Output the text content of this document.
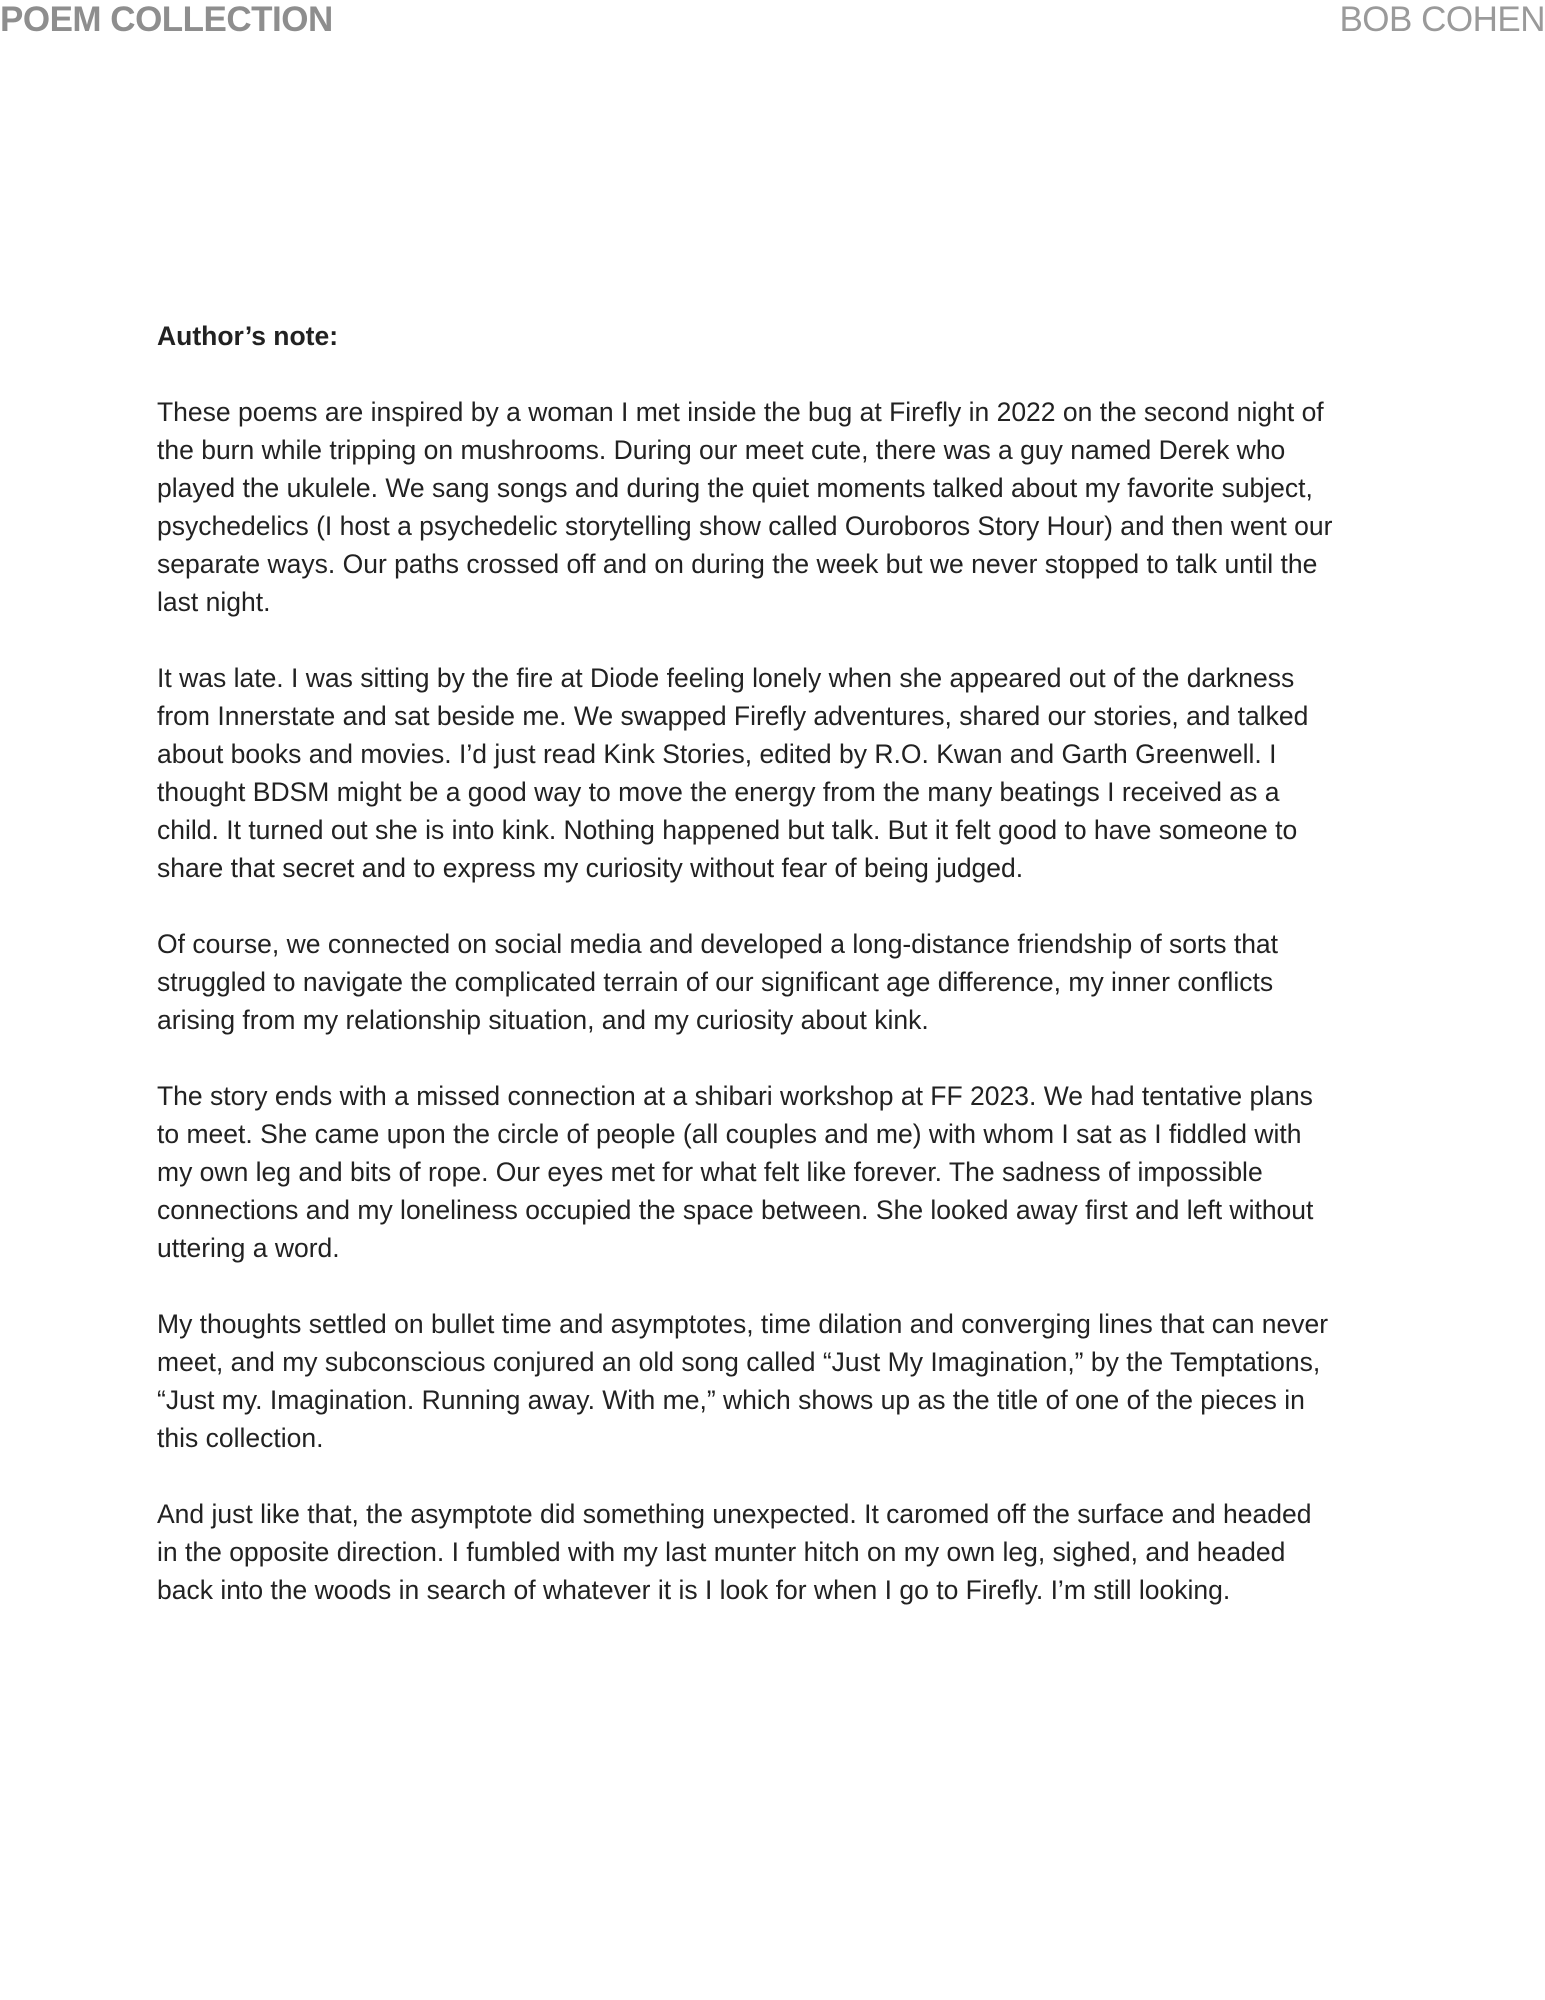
POEM COLLECTION	BOB COHEN
Author’s note:

These poems are inspired by a woman I met inside the bug at Firefly in 2022 on the second night of the burn while tripping on mushrooms. During our meet cute, there was a guy named Derek who played the ukulele. We sang songs and during the quiet moments talked about my favorite subject, psychedelics (I host a psychedelic storytelling show called Ouroboros Story Hour) and then went our separate ways. Our paths crossed off and on during the week but we never stopped to talk until the last night.

It was late. I was sitting by the fire at Diode feeling lonely when she appeared out of the darkness from Innerstate and sat beside me. We swapped Firefly adventures, shared our stories, and talked about books and movies. I’d just read Kink Stories, edited by R.O. Kwan and Garth Greenwell. I thought BDSM might be a good way to move the energy from the many beatings I received as a child. It turned out she is into kink. Nothing happened but talk. But it felt good to have someone to share that secret and to express my curiosity without fear of being judged.

Of course, we connected on social media and developed a long-distance friendship of sorts that struggled to navigate the complicated terrain of our significant age difference, my inner conflicts arising from my relationship situation, and my curiosity about kink.

The story ends with a missed connection at a shibari workshop at FF 2023. We had tentative plans to meet. She came upon the circle of people (all couples and me) with whom I sat as I fiddled with my own leg and bits of rope. Our eyes met for what felt like forever. The sadness of impossible connections and my loneliness occupied the space between. She looked away first and left without uttering a word.

My thoughts settled on bullet time and asymptotes, time dilation and converging lines that can never meet, and my subconscious conjured an old song called “Just My Imagination,” by the Temptations, “Just my. Imagination. Running away. With me,” which shows up as the title of one of the pieces in this collection.

And just like that, the asymptote did something unexpected. It caromed off the surface and headed in the opposite direction. I fumbled with my last munter hitch on my own leg, sighed, and headed back into the woods in search of whatever it is I look for when I go to Firefly. I’m still looking.
